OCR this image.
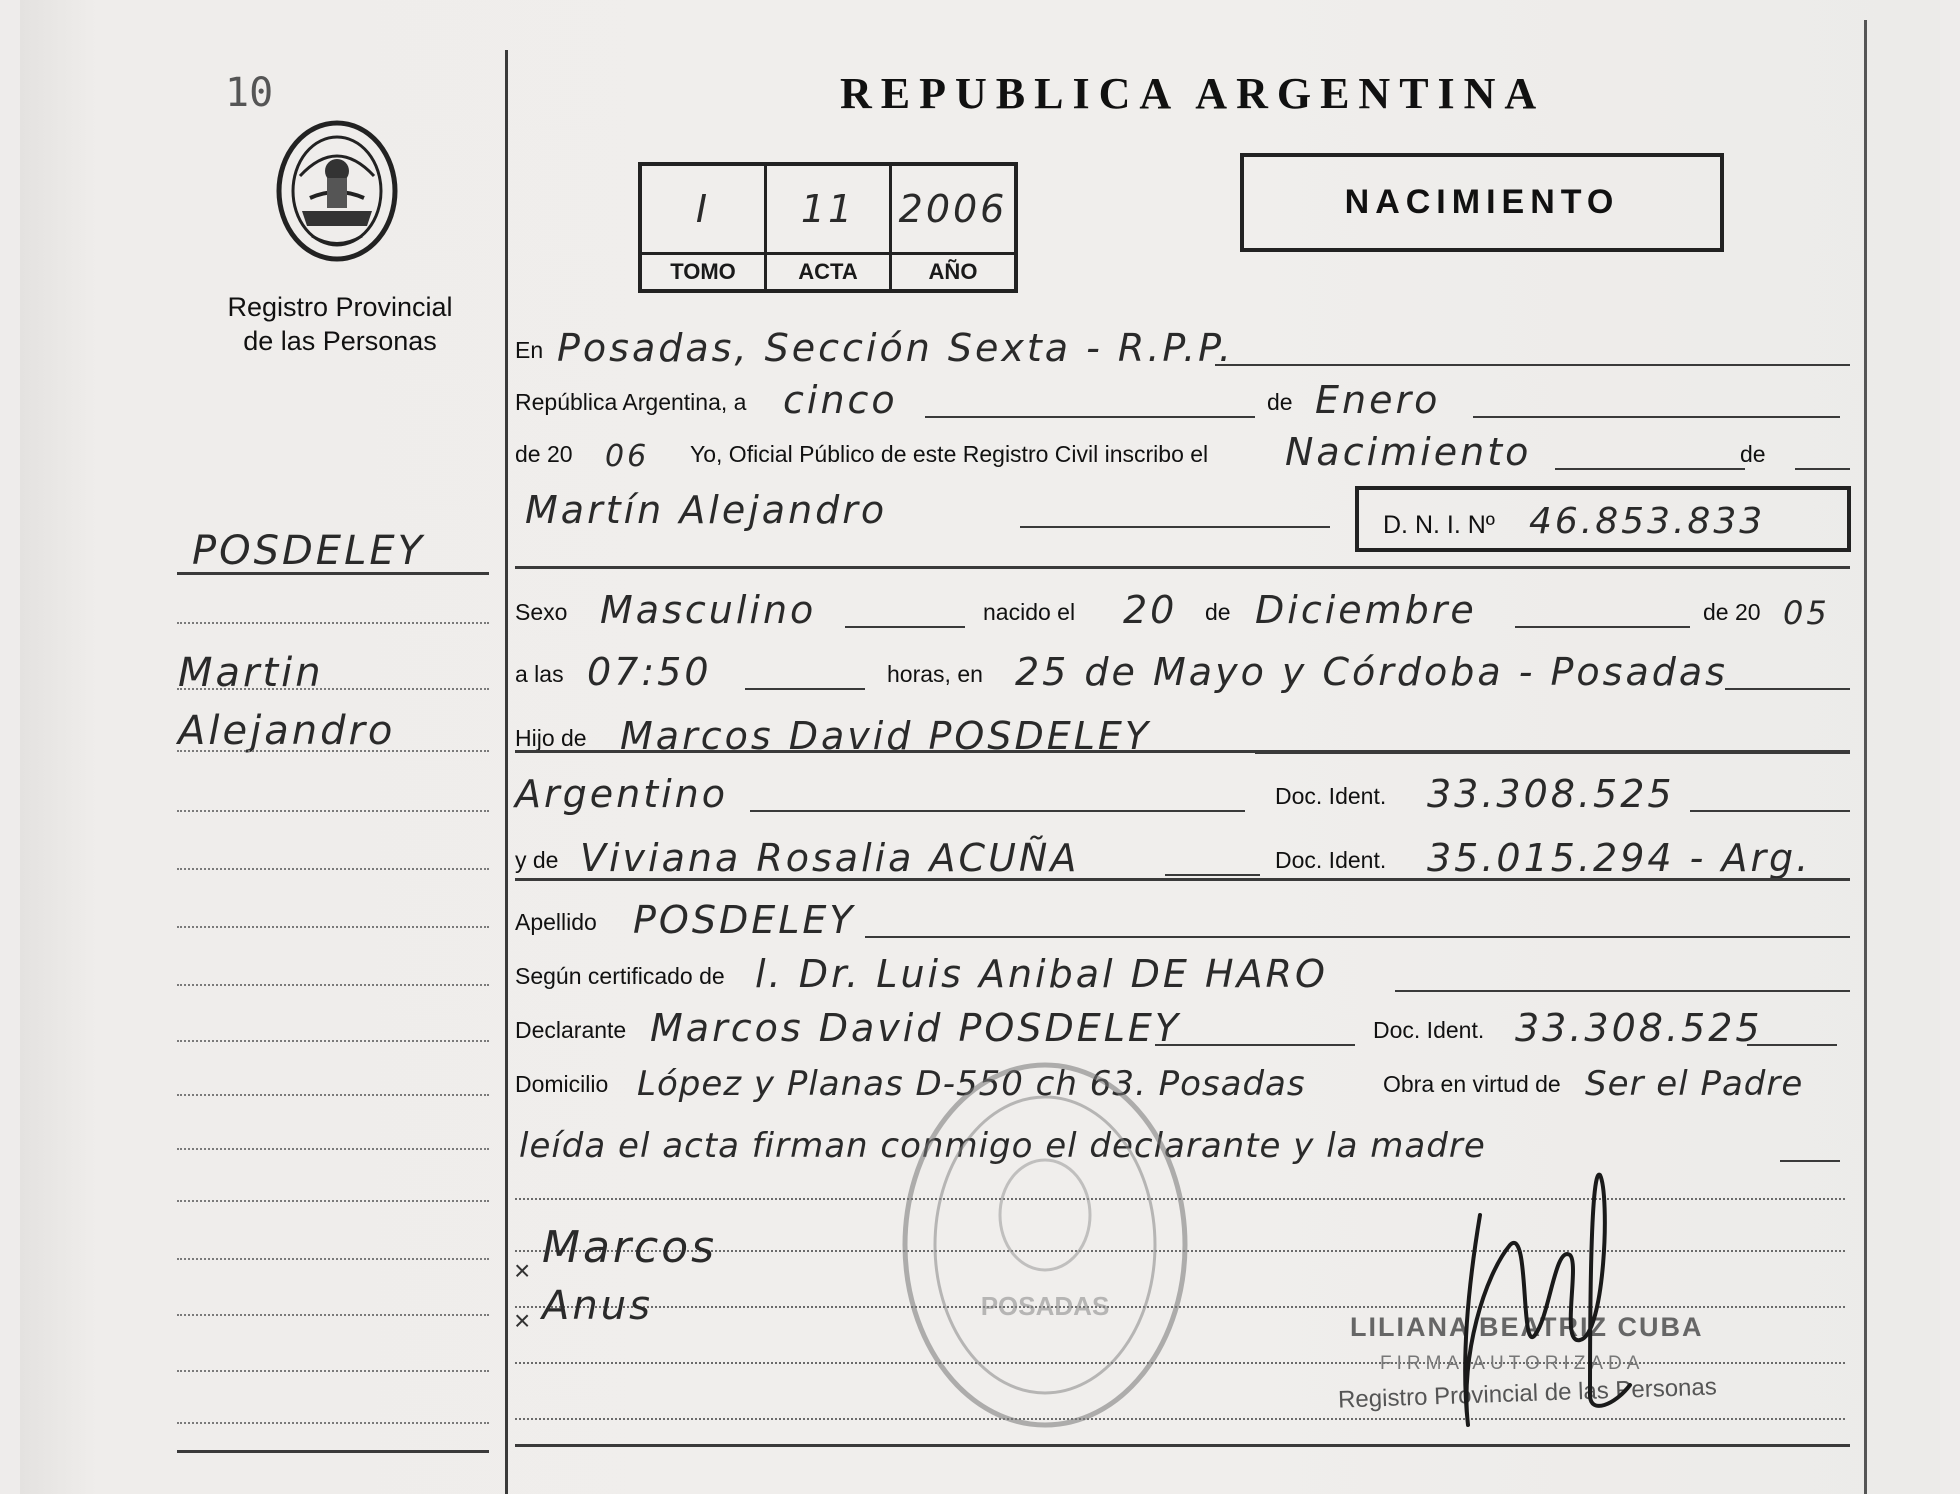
10
Registro Provincial
de las Personas
POSDELEY
Martin
Alejandro
REPUBLICA ARGENTINA
I	11	2006
TOMO	ACTA	AÑO
NACIMIENTO
En Posadas, Sección Sexta - R.P.P.
República Argentina, a cinco	de Enero
de 20 06 Yo, Oficial Público de este Registro Civil inscribo el Nacimiento	de
Martín Alejandro	D. N. I. Nº 46.853.833
Sexo Masculino	nacido el 20 de Diciembre	de 20 05
a las 07:50	horas, en 25 de Mayo y Córdoba - Posadas
Hijo de Marcos David POSDELEY
Argentino	Doc. Ident. 33.308.525
y de Viviana Rosalia ACUÑA	Doc. Ident. 35.015.294 - Arg.
Apellido POSDELEY
Según certificado de l. Dr. Luis Anibal DE HARO
Declarante Marcos David POSDELEY	Doc. Ident. 33.308.525
Domicilio López y Planas D-550 ch 63. Posadas	Obra en virtud de Ser el Padre
leída el acta firman conmigo el declarante y la madre
POSADAS
× Marcos
× Anus	LILIANA BEATRIZ CUBA
FIRMA AUTORIZADA
Registro Provincial de las Personas
